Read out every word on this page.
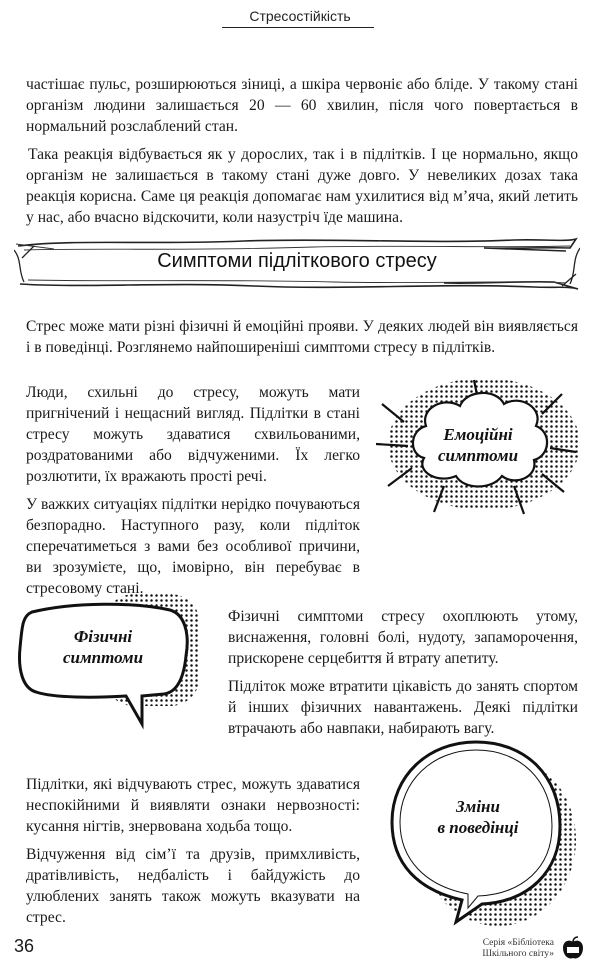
Стресостійкість

частішає пульс, розширюються зіниці, а шкіра червоніє або бліде. У такому стані організм людини залишається 20 — 60 хвилин, після чого повертається в нормальний розслаблений стан.

Така реакція відбувається як у дорослих, так і в підлітків. І це нормально, якщо організм не залишається в такому стані дуже довго. У невеликих дозах така реакція корисна. Саме ця реакція допомагає нам ухилитися від м’яча, який летить у нас, або вчасно відскочити, коли назустріч їде машина.

Симптоми підліткового стресу

Стрес може мати різні фізичні й емоційні прояви. У деяких людей він виявляється і в поведінці. Розглянемо найпоширеніші симптоми стресу в підлітків.

Люди, схильні до стресу, можуть мати пригнічений і нещасний вигляд. Підлітки в стані стресу можуть здаватися схвильованими, роздратованими або відчуженими. Їх легко розлютити, їх вражають прості речі.

У важких ситуаціях підлітки нерідко почуваються безпорадно. Наступного разу, коли підліток сперечатиметься з вами без особливої причини, ви зрозумієте, що, імовірно, він перебуває в стресовому стані.

Емоційні
симптоми
Фізичні
симптоми

Фізичні симптоми стресу охоплюють утому, виснаження, головні болі, нудоту, запаморочення, прискорене серцебиття й втрату апетиту.

Підліток може втратити цікавість до занять спортом й інших фізичних навантажень. Деякі підлітки втрачають або навпаки, набирають вагу.

Підлітки, які відчувають стрес, можуть здаватися неспокійними й виявляти ознаки нервозності: кусання нігтів, знервована ходьба тощо.

Відчуження від сім’ї та друзів, примхливість, дратівливість, недбалість і байдужість до улюблених занять також можуть вказувати на стрес.

Зміни
в поведінці
36	Серія «Бібліотека
Шкільного світу»
